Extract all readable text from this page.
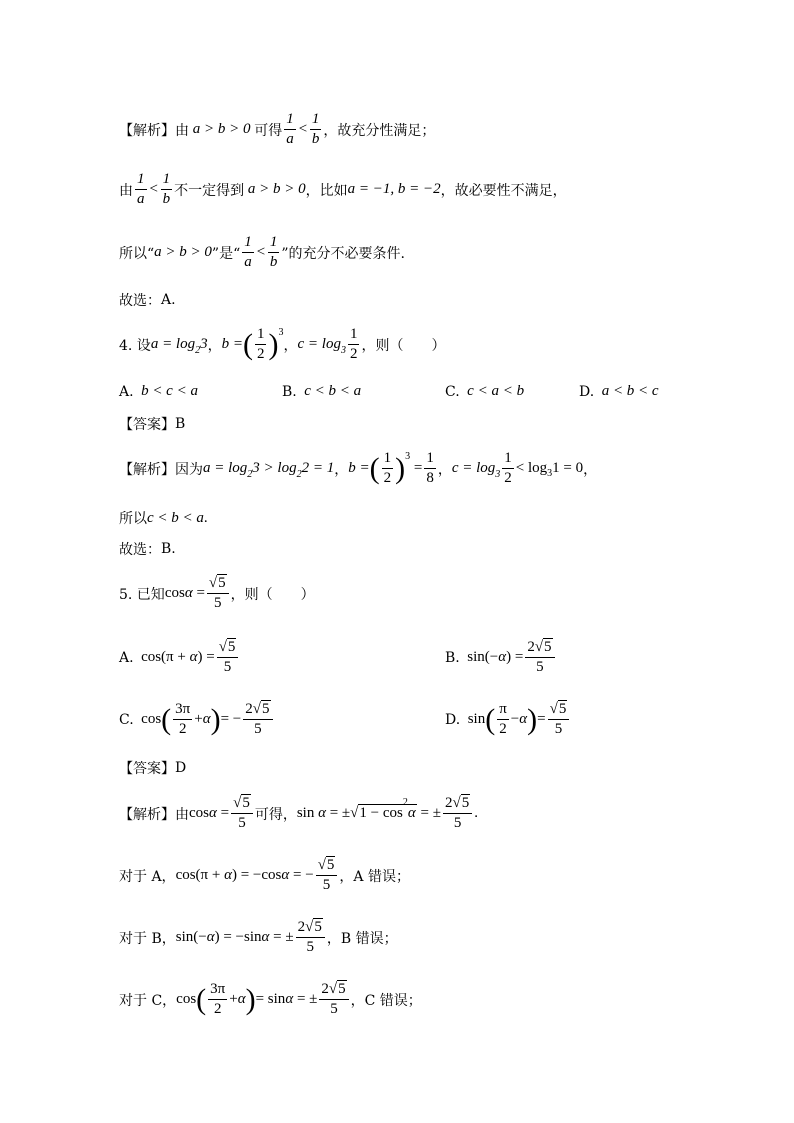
【解析】 由 a > b > 0 可得 $\frac{1}{a} < \frac{1}{b}$ ，故充分性满足；
由 $\frac{1}{a} < \frac{1}{b}$ 不一定得到 a > b > 0 ，比如 a = −1, b = −2 ，故必要性不满足，
所以“ a > b > 0 ”是“ $\frac{1}{a} < \frac{1}{b}$ ”的充分不必要条件.
故选： A.
4. 设 $a = \log_23$ ， b = ( $\frac{1}{2}$ ) 3
， $c = \log_3 \frac{1}{2}$ ，则（　　）
A. b < c < a	B. c < b < a	C. c < a < b	D. a < b < c
【答案】 B
【解析】 因为 $a = \log_23 > \log_22 = 1$ ， b = ( $\frac{1}{2}$ ) 3
= $\frac{1}{8}$ ， $c = \log_3 \frac{1}{2} < \log 3$ 1 = 0 ，
所以 c < b < a .
故选： B.
5. 已知 $\cos\alpha = \frac{√5}{5}$ ，则（　　）
A. $\cos(\pi + \alpha) = \frac{√5}{5}$	B. $\sin(-\alpha) = \frac{2√5}{5}$
C. cos ( $\frac{3\pi}{2} +\alpha$ ) = − $\frac{2√5}{5}$	D. sin ( $\frac{\pi}{2} -\alpha$ ) = $\frac{√5}{5}$
【答案】 D
【解析】 由 $\cos\alpha = \frac{√5}{5}$ 可得， $\sin \alpha = \pm√1 - \cos^2\alpha$ = ± $\frac{2√5}{5}$ .
对于 A， cos(π + α) = −cosα = − $\frac{√5}{5}$ ，A 错误；
对于 B， sin(−α) = −sinα = ± $\frac{2√5}{5}$ ，B 错误；
对于 C， cos ( $\frac{3\pi}{2} +\alpha$ ) = sinα = ± $\frac{2√5}{5}$ ，C 错误；
